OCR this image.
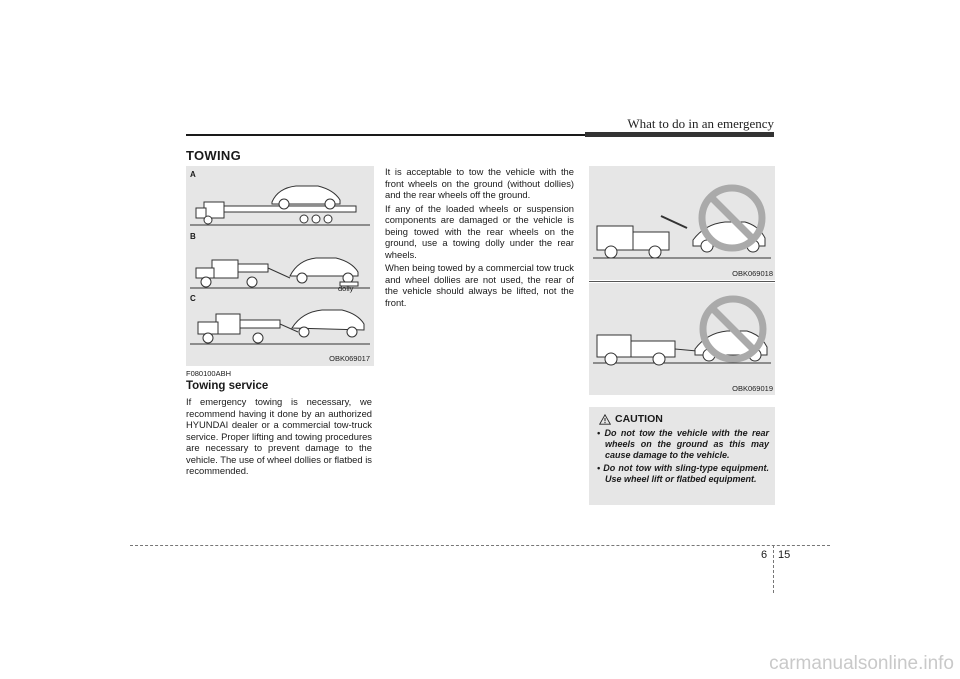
What to do in an emergency
TOWING
A
B
C
dolly
OBK069017
OBK069018
OBK069019
F080100ABH
Towing service
If emergency towing is necessary, we recommend having it done by an authorized HYUNDAI dealer or a commercial tow-truck service. Proper lifting and towing procedures are necessary to prevent damage to the vehicle. The use of wheel dollies or flatbed is recommended.

It is acceptable to tow the vehicle with the front wheels on the ground (without dollies) and the rear wheels off the ground.

If any of the loaded wheels or suspension components are damaged or the vehicle is being towed with the rear wheels on the ground, use a towing dolly under the rear wheels.

When being towed by a commercial tow truck and wheel dollies are not used, the rear of the vehicle should always be lifted, not the front.

CAUTION
• Do not tow the vehicle with the rear wheels on the ground as this may cause damage to the vehicle.
• Do not tow with sling-type equipment. Use wheel lift or flatbed equipment.
6 15
carmanualsonline.info
